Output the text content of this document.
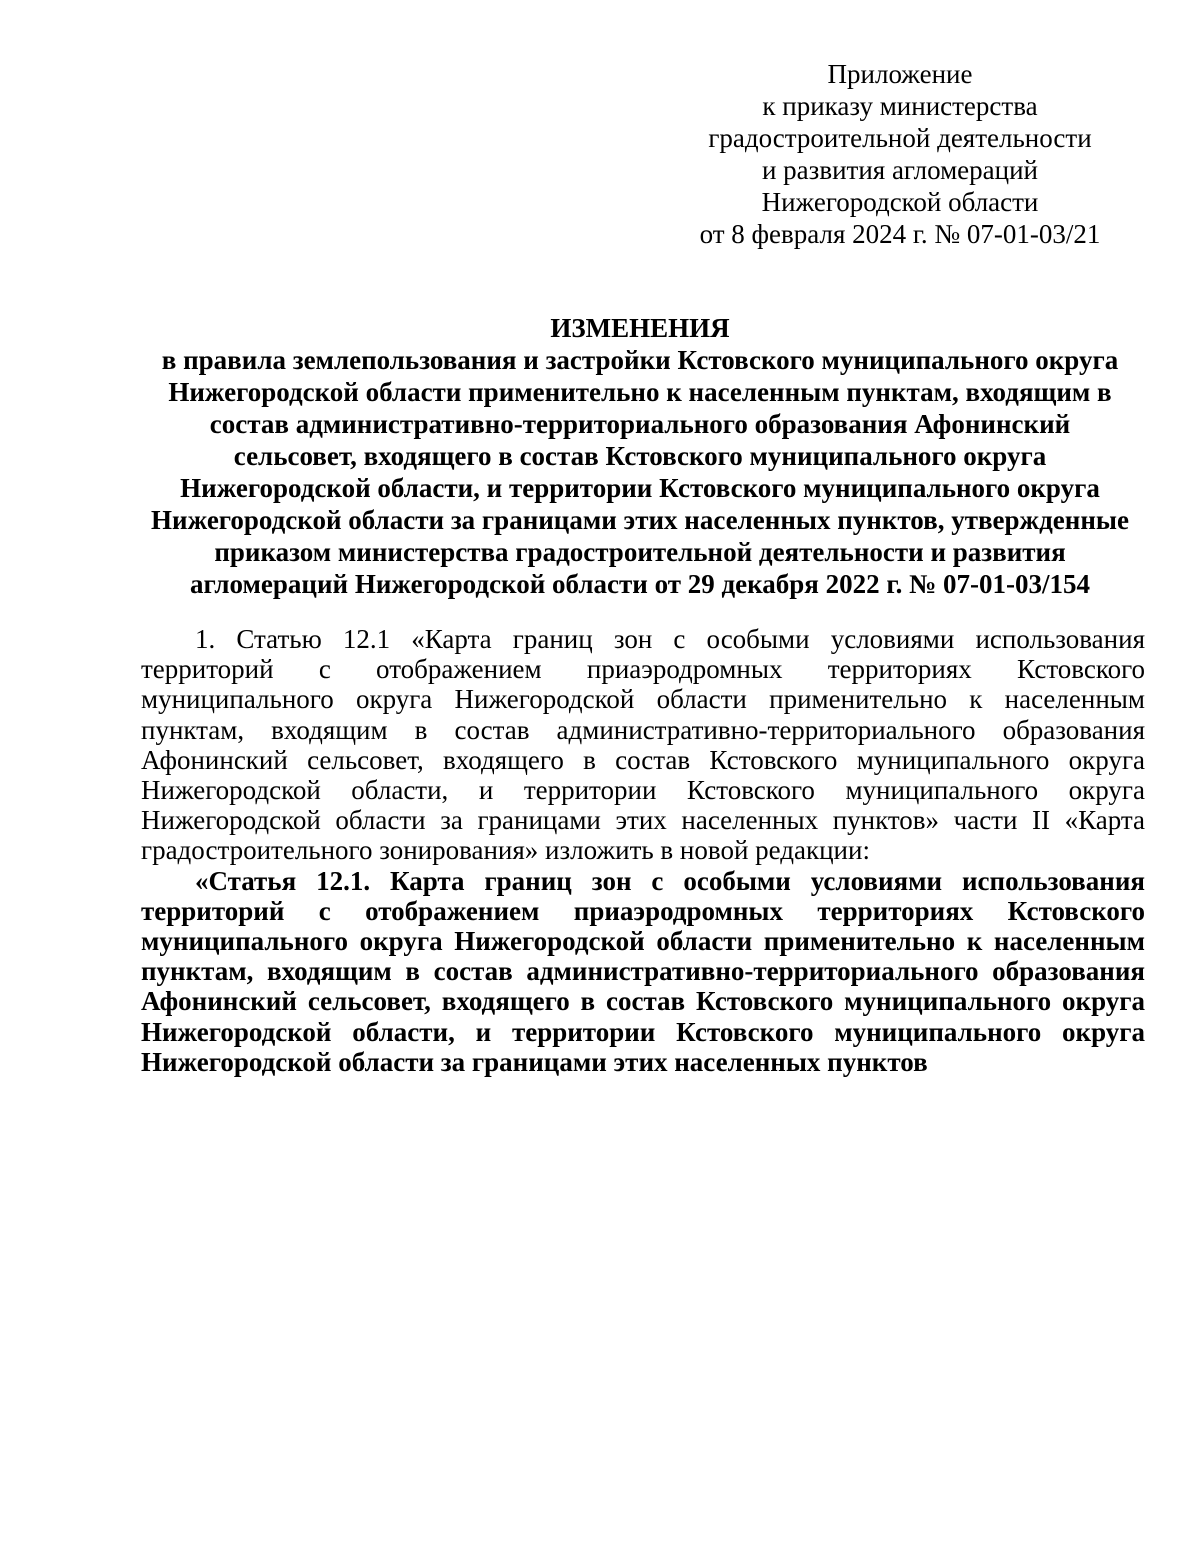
Приложение
к приказу министерства
градостроительной деятельности
и развития агломераций
Нижегородской области
от 8 февраля 2024 г. № 07-01-03/21
ИЗМЕНЕНИЯ
в правила землепользования и застройки Кстовского муниципального округа
Нижегородской области применительно к населенным пунктам, входящим в
состав административно-территориального образования Афонинский
сельсовет, входящего в состав Кстовского муниципального округа
Нижегородской области, и территории Кстовского муниципального округа
Нижегородской области за границами этих населенных пунктов, утвержденные
приказом министерства градостроительной деятельности и развития
агломераций Нижегородской области от 29 декабря 2022 г. № 07-01-03/154

1. Статью 12.1 «Карта границ зон с особыми условиями использования территорий с отображением приаэродромных территориях Кстовского муниципального округа Нижегородской области применительно к населенным пунктам, входящим в состав административно-территориального образования Афонинский сельсовет, входящего в состав Кстовского муниципального округа Нижегородской области, и территории Кстовского муниципального округа Нижегородской области за границами этих населенных пунктов» части II «Карта градостроительного зонирования» изложить в новой редакции:

«Статья 12.1. Карта границ зон с особыми условиями использования территорий с отображением приаэродромных территориях Кстовского муниципального округа Нижегородской области применительно к населенным пунктам, входящим в состав административно-территориального образования Афонинский сельсовет, входящего в состав Кстовского муниципального округа Нижегородской области, и территории Кстовского муниципального округа Нижегородской области за границами этих населенных пунктов
